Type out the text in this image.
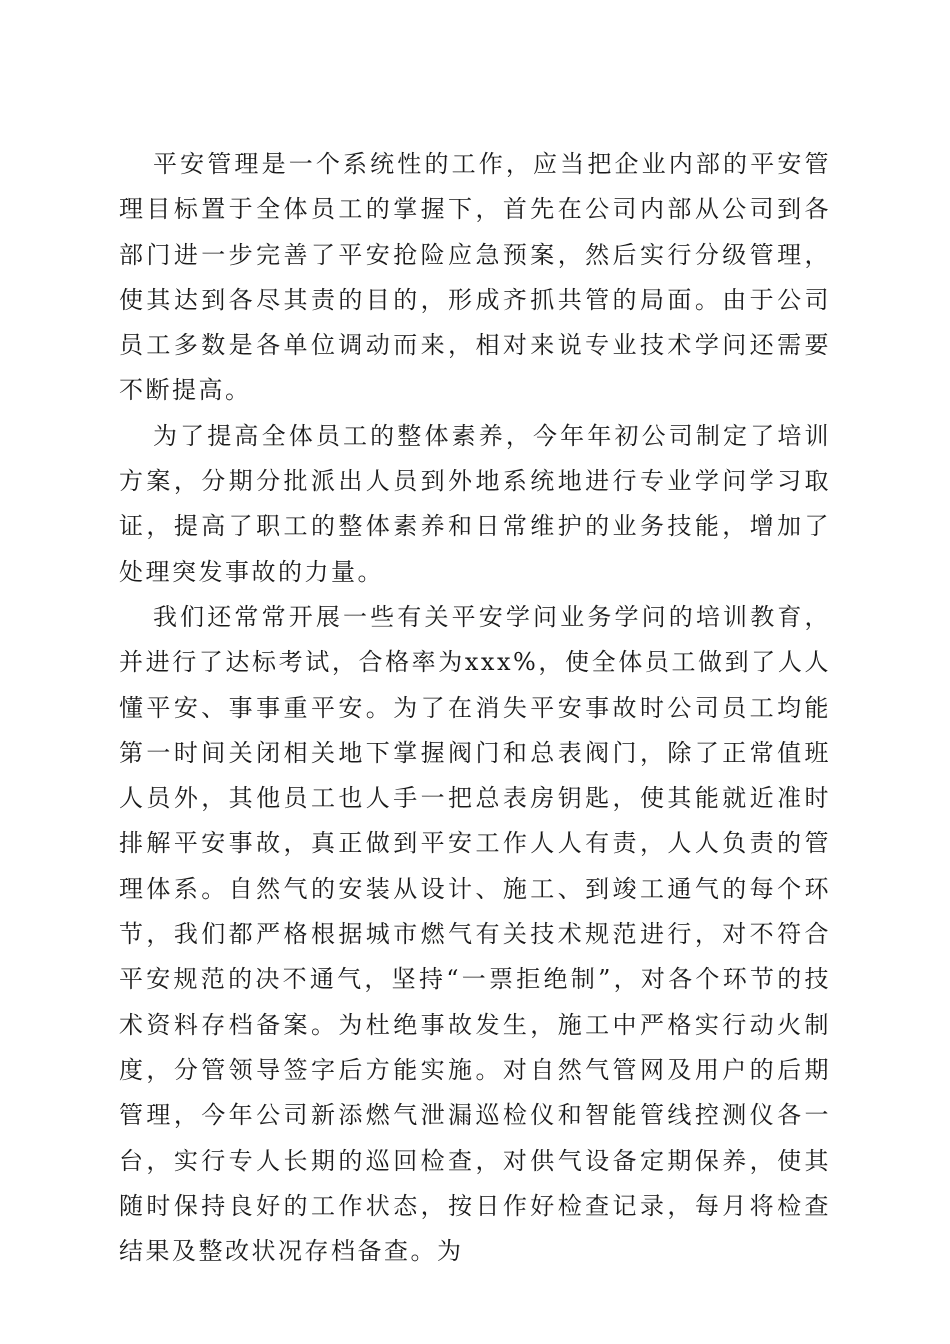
平安管理是一个系统性的工作，应当把企业内部的平安管理目标置于全体员工的掌握下，首先在公司内部从公司到各部门进一步完善了平安抢险应急预案，然后实行分级管理，使其达到各尽其责的目的，形成齐抓共管的局面。由于公司员工多数是各单位调动而来，相对来说专业技术学问还需要不断提高。

为了提高全体员工的整体素养，今年年初公司制定了培训方案，分期分批派出人员到外地系统地进行专业学问学习取证，提高了职工的整体素养和日常维护的业务技能，增加了处理突发事故的力量。

我们还常常开展一些有关平安学问业务学问的培训教育，并进行了达标考试，合格率为xxx%，使全体员工做到了人人懂平安、事事重平安。为了在消失平安事故时公司员工均能第一时间关闭相关地下掌握阀门和总表阀门，除了正常值班人员外，其他员工也人手一把总表房钥匙，使其能就近准时排解平安事故，真正做到平安工作人人有责，人人负责的管理体系。自然气的安装从设计、施工、到竣工通气的每个环节，我们都严格根据城市燃气有关技术规范进行，对不符合平安规范的决不通气，坚持“一票拒绝制”，对各个环节的技术资料存档备案。为杜绝事故发生，施工中严格实行动火制度，分管领导签字后方能实施。对自然气管网及用户的后期管理，今年公司新添燃气泄漏巡检仪和智能管线控测仪各一台，实行专人长期的巡回检查，对供气设备定期保养，使其随时保持良好的工作状态，按日作好检查记录，每月将检查结果及整改状况存档备查。为
